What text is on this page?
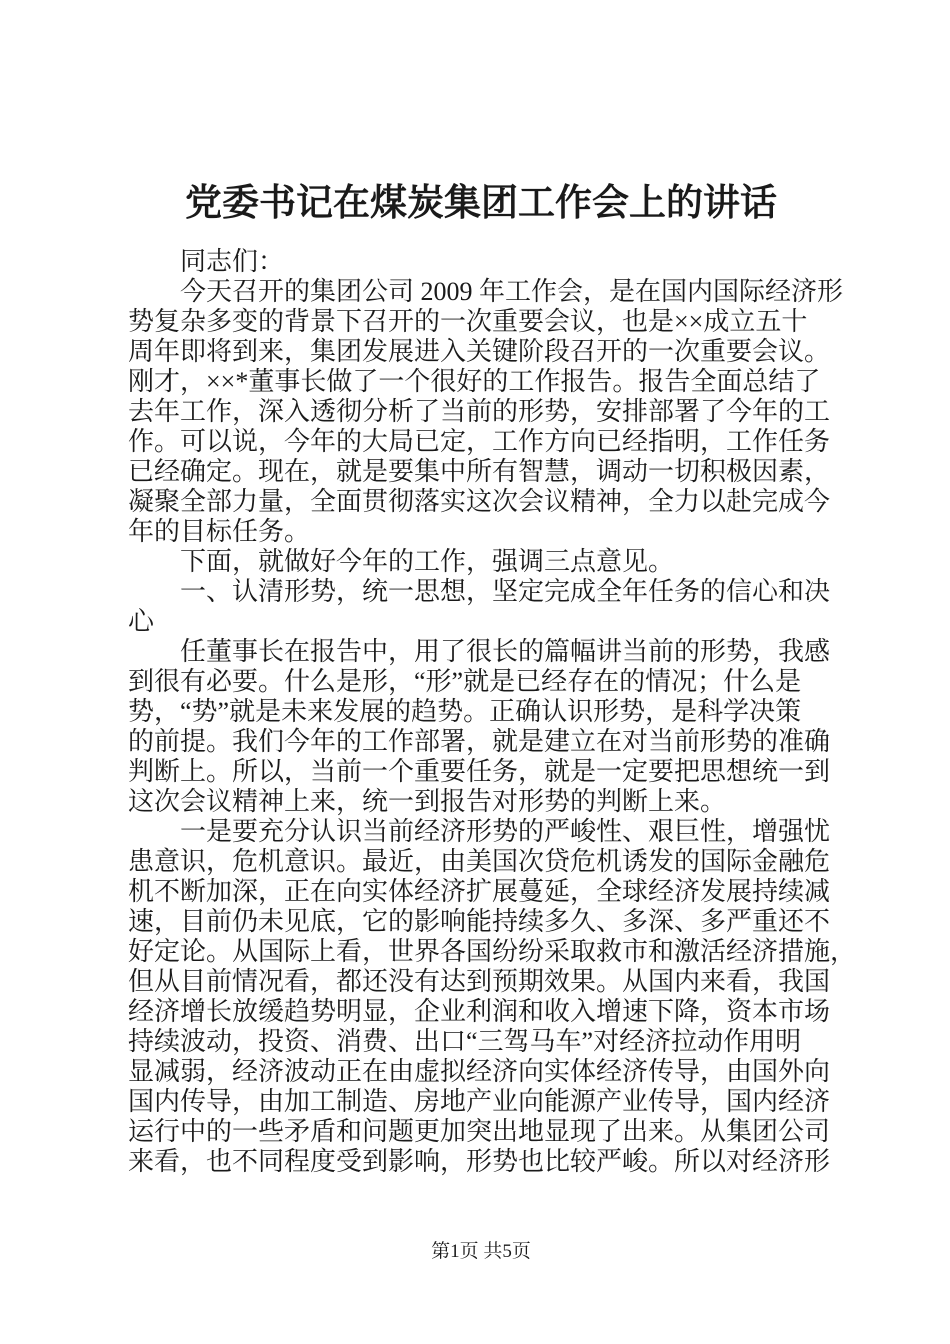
党委书记在煤炭集团工作会上的讲话
同志们：
今天召开的集团公司 2009 年工作会，是在国内国际经济形
势复杂多变的背景下召开的一次重要会议，也是××成立五十
周年即将到来，集团发展进入关键阶段召开的一次重要会议。
刚才，××*董事长做了一个很好的工作报告。报告全面总结了
去年工作，深入透彻分析了当前的形势，安排部署了今年的工
作。可以说，今年的大局已定，工作方向已经指明，工作任务
已经确定。现在，就是要集中所有智慧，调动一切积极因素，
凝聚全部力量，全面贯彻落实这次会议精神，全力以赴完成今
年的目标任务。
下面，就做好今年的工作，强调三点意见。
一、认清形势，统一思想，坚定完成全年任务的信心和决
心
任董事长在报告中，用了很长的篇幅讲当前的形势，我感
到很有必要。什么是形，“形”就是已经存在的情况；什么是
势，“势”就是未来发展的趋势。正确认识形势，是科学决策
的前提。我们今年的工作部署，就是建立在对当前形势的准确
判断上。所以，当前一个重要任务，就是一定要把思想统一到
这次会议精神上来，统一到报告对形势的判断上来。
一是要充分认识当前经济形势的严峻性、艰巨性，增强忧
患意识，危机意识。最近，由美国次贷危机诱发的国际金融危
机不断加深，正在向实体经济扩展蔓延，全球经济发展持续减
速，目前仍未见底，它的影响能持续多久、多深、多严重还不
好定论。从国际上看，世界各国纷纷采取救市和激活经济措施，
但从目前情况看，都还没有达到预期效果。从国内来看，我国
经济增长放缓趋势明显，企业利润和收入增速下降，资本市场
持续波动，投资、消费、出口“三驾马车”对经济拉动作用明
显减弱，经济波动正在由虚拟经济向实体经济传导，由国外向
国内传导，由加工制造、房地产业向能源产业传导，国内经济
运行中的一些矛盾和问题更加突出地显现了出来。从集团公司
来看，也不同程度受到影响，形势也比较严峻。所以对经济形
第1页 共5页
